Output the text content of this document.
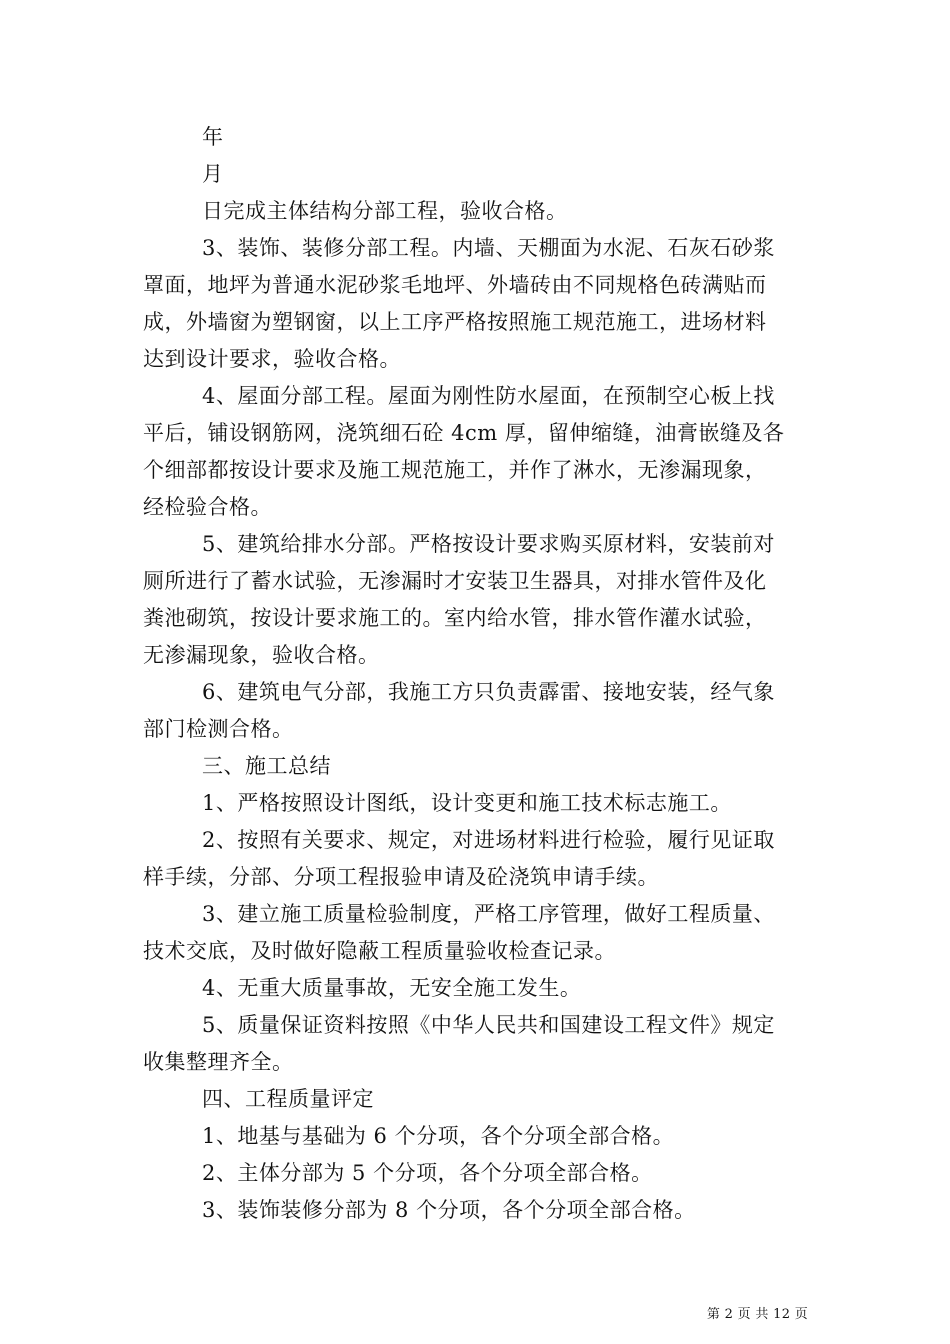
年
月
日完成主体结构分部工程，验收合格。
3、装饰、装修分部工程。内墙、天棚面为水泥、石灰石砂浆
罩面，地坪为普通水泥砂浆毛地坪、外墙砖由不同规格色砖满贴而
成，外墙窗为塑钢窗，以上工序严格按照施工规范施工，进场材料
达到设计要求，验收合格。
4、屋面分部工程。屋面为刚性防水屋面，在预制空心板上找
平后，铺设钢筋网，浇筑细石砼 4cm 厚，留伸缩缝，油膏嵌缝及各
个细部都按设计要求及施工规范施工，并作了淋水，无渗漏现象，
经检验合格。
5、建筑给排水分部。严格按设计要求购买原材料，安装前对
厕所进行了蓄水试验，无渗漏时才安装卫生器具，对排水管件及化
粪池砌筑，按设计要求施工的。室内给水管，排水管作灌水试验，
无渗漏现象，验收合格。
6、建筑电气分部，我施工方只负责霹雷、接地安装，经气象
部门检测合格。
三、施工总结
1、严格按照设计图纸，设计变更和施工技术标志施工。
2、按照有关要求、规定，对进场材料进行检验，履行见证取
样手续，分部、分项工程报验申请及砼浇筑申请手续。
3、建立施工质量检验制度，严格工序管理，做好工程质量、
技术交底，及时做好隐蔽工程质量验收检查记录。
4、无重大质量事故，无安全施工发生。
5、质量保证资料按照《中华人民共和国建设工程文件》规定
收集整理齐全。
四、工程质量评定
1、地基与基础为 6 个分项，各个分项全部合格。
2、主体分部为 5 个分项，各个分项全部合格。
3、装饰装修分部为 8 个分项，各个分项全部合格。
第 2 页 共 12 页
